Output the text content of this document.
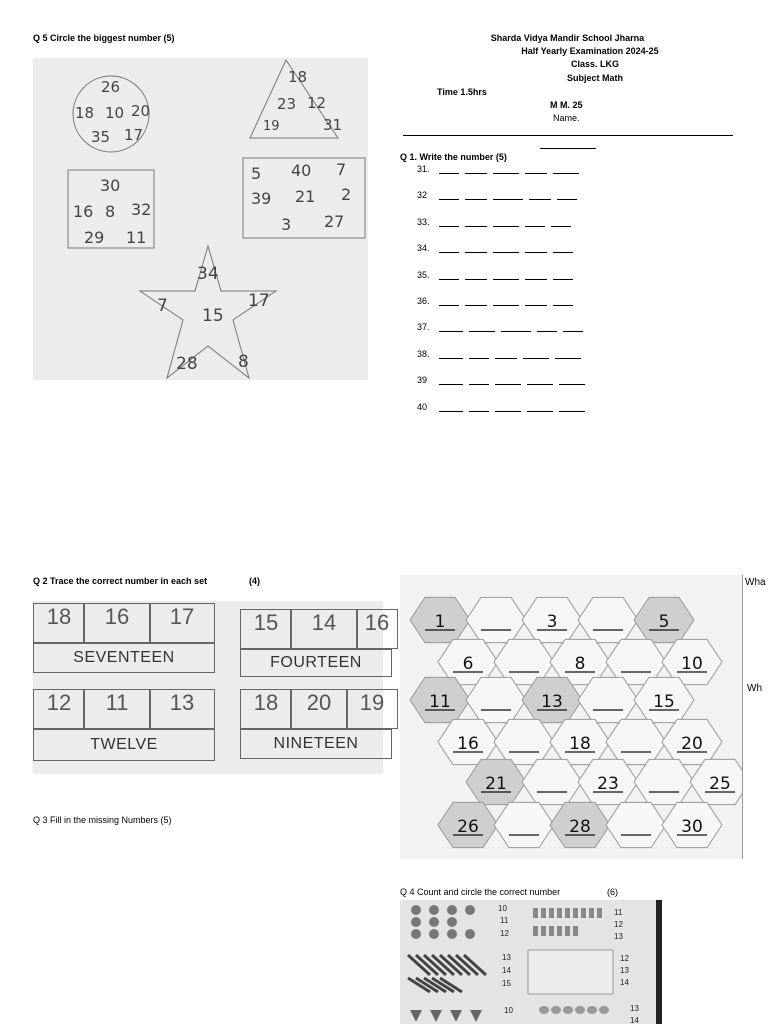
Q 5 Circle the biggest number (5)
26
18 10 20
35 17
18
23 12
19	31
30
16 8 32
29 11
5 40 7
39 21 2
3 27
34
7 15
17
28 8
Sharda Vidya Mandir School Jharna
Half Yearly Examination 2024-25
Class. LKG
Subject Math
Time 1.5hrs
M M. 25
Name.
Q 1. Write the number (5)
31.
32
33.
34.
35.
36.
37.
38.
39
40
Q 2 Trace the correct number in each set	(4)
18	16	17
SEVENTEEN
15	14	16
FOURTEEN
12	11	13
TWELVE
18	20	19
NINETEEN
Q 3 Fill in the missing Numbers (5)
1	3	5
6	8	10
11	13	15
16	18	20
21	23	25
26	28	30
Wha
Wh
Q 4 Count and circle the correct number	(6)
10
11
12
11
12
13
13
14
15
12
13
14
10	13
14
